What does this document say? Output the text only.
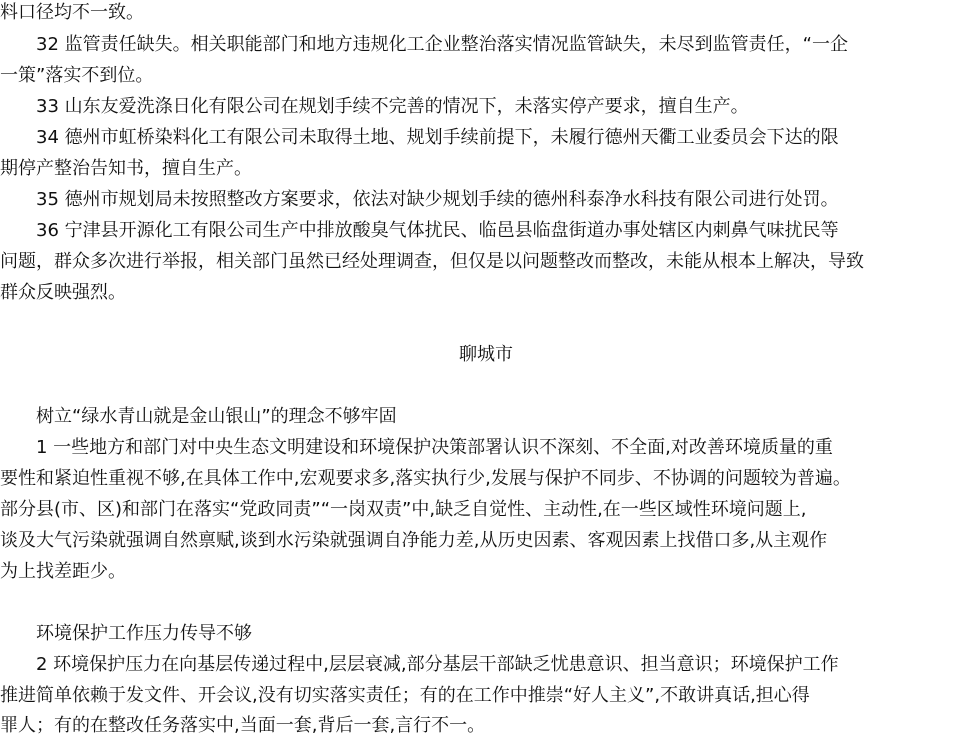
料口径均不一致。
32 监管责任缺失。相关职能部门和地方违规化工企业整治落实情况监管缺失，未尽到监管责任，“一企
一策”落实不到位。
33 山东友爱洗涤日化有限公司在规划手续不完善的情况下，未落实停产要求，擅自生产。
34 德州市虹桥染料化工有限公司未取得土地、规划手续前提下，未履行德州天衢工业委员会下达的限
期停产整治告知书，擅自生产。
35 德州市规划局未按照整改方案要求，依法对缺少规划手续的德州科泰净水科技有限公司进行处罚。
36 宁津县开源化工有限公司生产中排放酸臭气体扰民、临邑县临盘街道办事处辖区内刺鼻气味扰民等
问题，群众多次进行举报，相关部门虽然已经处理调查，但仅是以问题整改而整改，未能从根本上解决，导致
群众反映强烈。
聊城市
树立“绿水青山就是金山银山”的理念不够牢固
1 一些地方和部门对中央生态文明建设和环境保护决策部署认识不深刻、不全面,对改善环境质量的重
要性和紧迫性重视不够,在具体工作中,宏观要求多,落实执行少,发展与保护不同步、不协调的问题较为普遍。
部分县(市、区)和部门在落实“党政同责”“一岗双责”中,缺乏自觉性、主动性,在一些区域性环境问题上,
谈及大气污染就强调自然禀赋,谈到水污染就强调自净能力差,从历史因素、客观因素上找借口多,从主观作
为上找差距少。
环境保护工作压力传导不够
2 环境保护压力在向基层传递过程中,层层衰减,部分基层干部缺乏忧患意识、担当意识；环境保护工作
推进简单依赖于发文件、开会议,没有切实落实责任；有的在工作中推崇“好人主义”,不敢讲真话,担心得
罪人；有的在整改任务落实中,当面一套,背后一套,言行不一。
